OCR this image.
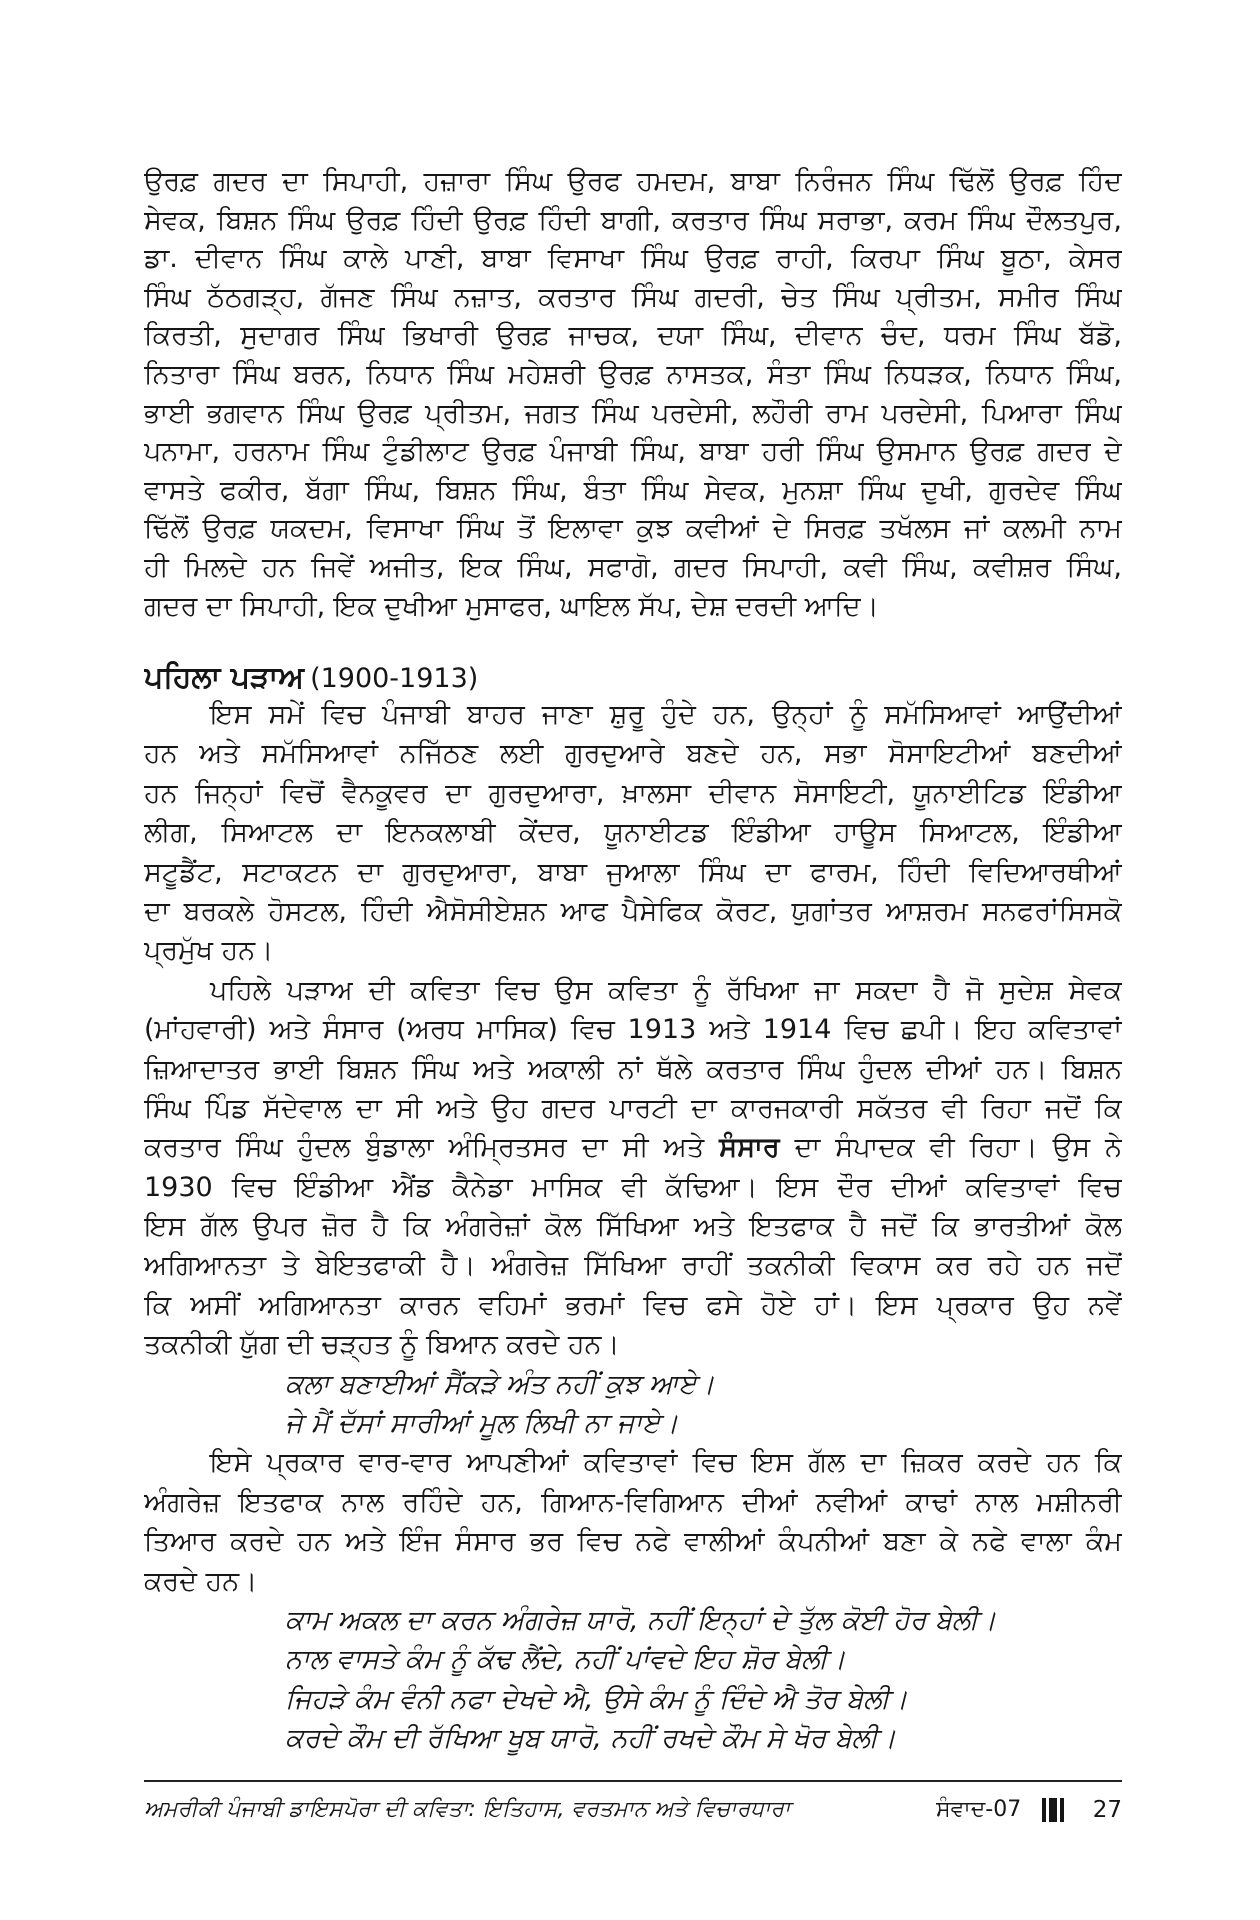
ਉਰਫ਼ ਗਦਰ ਦਾ ਸਿਪਾਹੀ, ਹਜ਼ਾਰਾ ਸਿੰਘ ਉਰਫ ਹਮਦਮ, ਬਾਬਾ ਨਿਰੰਜਨ ਸਿੰਘ ਢਿੱਲੋਂ ਉਰਫ਼ ਹਿੰਦ
ਸੇਵਕ, ਬਿਸ਼ਨ ਸਿੰਘ ਉਰਫ਼ ਹਿੰਦੀ ਉਰਫ਼ ਹਿੰਦੀ ਬਾਗੀ, ਕਰਤਾਰ ਸਿੰਘ ਸਰਾਭਾ, ਕਰਮ ਸਿੰਘ ਦੌਲਤਪੁਰ,
ਡਾ. ਦੀਵਾਨ ਸਿੰਘ ਕਾਲੇ ਪਾਣੀ, ਬਾਬਾ ਵਿਸਾਖਾ ਸਿੰਘ ਉਰਫ਼ ਰਾਹੀ, ਕਿਰਪਾ ਸਿੰਘ ਬੂਠਾ, ਕੇਸਰ
ਸਿੰਘ ਠੱਠਗੜ੍ਹ, ਗੱਜਣ ਸਿੰਘ ਨਜ਼ਾਤ, ਕਰਤਾਰ ਸਿੰਘ ਗਦਰੀ, ਚੇਤ ਸਿੰਘ ਪ੍ਰੀਤਮ, ਸਮੀਰ ਸਿੰਘ
ਕਿਰਤੀ, ਸੁਦਾਗਰ ਸਿੰਘ ਭਿਖਾਰੀ ਉਰਫ਼ ਜਾਚਕ, ਦਯਾ ਸਿੰਘ, ਦੀਵਾਨ ਚੰਦ, ਧਰਮ ਸਿੰਘ ਬੱਡੋ,
ਨਿਤਾਰਾ ਸਿੰਘ ਬਰਨ, ਨਿਧਾਨ ਸਿੰਘ ਮਹੇਸ਼ਰੀ ਉਰਫ਼ ਨਾਸਤਕ, ਸੰਤਾ ਸਿੰਘ ਨਿਧੜਕ, ਨਿਧਾਨ ਸਿੰਘ,
ਭਾਈ ਭਗਵਾਨ ਸਿੰਘ ਉਰਫ਼ ਪ੍ਰੀਤਮ, ਜਗਤ ਸਿੰਘ ਪਰਦੇਸੀ, ਲਹੌਰੀ ਰਾਮ ਪਰਦੇਸੀ, ਪਿਆਰਾ ਸਿੰਘ
ਪਨਾਮਾ, ਹਰਨਾਮ ਸਿੰਘ ਟੁੰਡੀਲਾਟ ਉਰਫ਼ ਪੰਜਾਬੀ ਸਿੰਘ, ਬਾਬਾ ਹਰੀ ਸਿੰਘ ਉਸਮਾਨ ਉਰਫ਼ ਗਦਰ ਦੇ
ਵਾਸਤੇ ਫਕੀਰ, ਬੱਗਾ ਸਿੰਘ, ਬਿਸ਼ਨ ਸਿੰਘ, ਬੰਤਾ ਸਿੰਘ ਸੇਵਕ, ਮੁਨਸ਼ਾ ਸਿੰਘ ਦੁਖੀ, ਗੁਰਦੇਵ ਸਿੰਘ
ਢਿੱਲੋਂ ਉਰਫ਼ ਯਕਦਮ, ਵਿਸਾਖਾ ਸਿੰਘ ਤੋਂ ਇਲਾਵਾ ਕੁਝ ਕਵੀਆਂ ਦੇ ਸਿਰਫ਼ ਤਖੱਲਸ ਜਾਂ ਕਲਮੀ ਨਾਮ
ਹੀ ਮਿਲਦੇ ਹਨ ਜਿਵੇਂ ਅਜੀਤ, ਇਕ ਸਿੰਘ, ਸਫਾਗੋ, ਗਦਰ ਸਿਪਾਹੀ, ਕਵੀ ਸਿੰਘ, ਕਵੀਸ਼ਰ ਸਿੰਘ,
ਗਦਰ ਦਾ ਸਿਪਾਹੀ, ਇਕ ਦੁਖੀਆ ਮੁਸਾਫਰ, ਘਾਇਲ ਸੱਪ, ਦੇਸ਼ ਦਰਦੀ ਆਦਿ।
ਪਹਿਲਾ ਪੜਾਅ (1900-1913)
ਇਸ ਸਮੇਂ ਵਿਚ ਪੰਜਾਬੀ ਬਾਹਰ ਜਾਣਾ ਸ਼ੁਰੂ ਹੁੰਦੇ ਹਨ, ਉਨ੍ਹਾਂ ਨੂੰ ਸਮੱਸਿਆਵਾਂ ਆਉਂਦੀਆਂ
ਹਨ ਅਤੇ ਸਮੱਸਿਆਵਾਂ ਨਜਿੱਠਣ ਲਈ ਗੁਰਦੁਆਰੇ ਬਣਦੇ ਹਨ, ਸਭਾ ਸੋਸਾਇਟੀਆਂ ਬਣਦੀਆਂ
ਹਨ ਜਿਨ੍ਹਾਂ ਵਿਚੋਂ ਵੈਨਕੂਵਰ ਦਾ ਗੁਰਦੁਆਰਾ, ਖ਼ਾਲਸਾ ਦੀਵਾਨ ਸੋਸਾਇਟੀ, ਯੂਨਾਈਟਿਡ ਇੰਡੀਆ
ਲੀਗ, ਸਿਆਟਲ ਦਾ ਇਨਕਲਾਬੀ ਕੇਂਦਰ, ਯੂਨਾਈਟਡ ਇੰਡੀਆ ਹਾਊਸ ਸਿਆਟਲ, ਇੰਡੀਆ
ਸਟੂਡੈਂਟ, ਸਟਾਕਟਨ ਦਾ ਗੁਰਦੁਆਰਾ, ਬਾਬਾ ਜੁਆਲਾ ਸਿੰਘ ਦਾ ਫਾਰਮ, ਹਿੰਦੀ ਵਿਦਿਆਰਥੀਆਂ
ਦਾ ਬਰਕਲੇ ਹੋਸਟਲ, ਹਿੰਦੀ ਐਸੋਸੀਏਸ਼ਨ ਆਫ ਪੈਸੇਫਿਕ ਕੋਰਟ, ਯੁਗਾਂਤਰ ਆਸ਼ਰਮ ਸਨਫਰਾਂਸਿਸਕੋ
ਪ੍ਰਮੁੱਖ ਹਨ।
ਪਹਿਲੇ ਪੜਾਅ ਦੀ ਕਵਿਤਾ ਵਿਚ ਉਸ ਕਵਿਤਾ ਨੂੰ ਰੱਖਿਆ ਜਾ ਸਕਦਾ ਹੈ ਜੋ ਸੁਦੇਸ਼ ਸੇਵਕ
(ਮਾਂਹਵਾਰੀ) ਅਤੇ ਸੰਸਾਰ (ਅਰਧ ਮਾਸਿਕ) ਵਿਚ 1913 ਅਤੇ 1914 ਵਿਚ ਛਪੀ। ਇਹ ਕਵਿਤਾਵਾਂ
ਜ਼ਿਆਦਾਤਰ ਭਾਈ ਬਿਸ਼ਨ ਸਿੰਘ ਅਤੇ ਅਕਾਲੀ ਨਾਂ ਥੱਲੇ ਕਰਤਾਰ ਸਿੰਘ ਹੁੰਦਲ ਦੀਆਂ ਹਨ। ਬਿਸ਼ਨ
ਸਿੰਘ ਪਿੰਡ ਸੱਦੇਵਾਲ ਦਾ ਸੀ ਅਤੇ ਉਹ ਗਦਰ ਪਾਰਟੀ ਦਾ ਕਾਰਜਕਾਰੀ ਸਕੱਤਰ ਵੀ ਰਿਹਾ ਜਦੋਂ ਕਿ
ਕਰਤਾਰ ਸਿੰਘ ਹੁੰਦਲ ਬੁੰਡਾਲਾ ਅੰਮ੍ਰਿਤਸਰ ਦਾ ਸੀ ਅਤੇ ਸੰਸਾਰ ਦਾ ਸੰਪਾਦਕ ਵੀ ਰਿਹਾ। ਉਸ ਨੇ
1930 ਵਿਚ ਇੰਡੀਆ ਐਂਡ ਕੈਨੇਡਾ ਮਾਸਿਕ ਵੀ ਕੱਢਿਆ। ਇਸ ਦੌਰ ਦੀਆਂ ਕਵਿਤਾਵਾਂ ਵਿਚ
ਇਸ ਗੱਲ ਉਪਰ ਜ਼ੋਰ ਹੈ ਕਿ ਅੰਗਰੇਜ਼ਾਂ ਕੋਲ ਸਿੱਖਿਆ ਅਤੇ ਇਤਫਾਕ ਹੈ ਜਦੋਂ ਕਿ ਭਾਰਤੀਆਂ ਕੋਲ
ਅਗਿਆਨਤਾ ਤੇ ਬੇਇਤਫਾਕੀ ਹੈ। ਅੰਗਰੇਜ਼ ਸਿੱਖਿਆ ਰਾਹੀਂ ਤਕਨੀਕੀ ਵਿਕਾਸ ਕਰ ਰਹੇ ਹਨ ਜਦੋਂ
ਕਿ ਅਸੀਂ ਅਗਿਆਨਤਾ ਕਾਰਨ ਵਹਿਮਾਂ ਭਰਮਾਂ ਵਿਚ ਫਸੇ ਹੋਏ ਹਾਂ। ਇਸ ਪ੍ਰਕਾਰ ਉਹ ਨਵੇਂ
ਤਕਨੀਕੀ ਯੁੱਗ ਦੀ ਚੜ੍ਹਤ ਨੂੰ ਬਿਆਨ ਕਰਦੇ ਹਨ।
ਕਲਾ ਬਣਾਈਆਂ ਸੈਂਕੜੇ ਅੰਤ ਨਹੀਂ ਕੁਝ ਆਏ।
ਜੇ ਮੈਂ ਦੱਸਾਂ ਸਾਰੀਆਂ ਮੂਲ ਲਿਖੀ ਨਾ ਜਾਏ।
ਇਸੇ ਪ੍ਰਕਾਰ ਵਾਰ-ਵਾਰ ਆਪਣੀਆਂ ਕਵਿਤਾਵਾਂ ਵਿਚ ਇਸ ਗੱਲ ਦਾ ਜ਼ਿਕਰ ਕਰਦੇ ਹਨ ਕਿ
ਅੰਗਰੇਜ਼ ਇਤਫਾਕ ਨਾਲ ਰਹਿੰਦੇ ਹਨ, ਗਿਆਨ-ਵਿਗਿਆਨ ਦੀਆਂ ਨਵੀਆਂ ਕਾਢਾਂ ਨਾਲ ਮਸ਼ੀਨਰੀ
ਤਿਆਰ ਕਰਦੇ ਹਨ ਅਤੇ ਇੰਜ ਸੰਸਾਰ ਭਰ ਵਿਚ ਨਫੇ ਵਾਲੀਆਂ ਕੰਪਨੀਆਂ ਬਣਾ ਕੇ ਨਫੇ ਵਾਲਾ ਕੰਮ
ਕਰਦੇ ਹਨ।
ਕਾਮ ਅਕਲ ਦਾ ਕਰਨ ਅੰਗਰੇਜ਼ ਯਾਰੋ, ਨਹੀਂ ਇਨ੍ਹਾਂ ਦੇ ਤੁੱਲ ਕੋਈ ਹੋਰ ਬੇਲੀ।
ਨਾਲ ਵਾਸਤੇ ਕੰਮ ਨੂੰ ਕੱਢ ਲੈਂਦੇ, ਨਹੀਂ ਪਾਂਵਦੇ ਇਹ ਸ਼ੋਰ ਬੇਲੀ।
ਜਿਹੜੇ ਕੰਮ ਵੰਨੀ ਨਫਾ ਦੇਖਦੇ ਐ, ਉਸੇ ਕੰਮ ਨੂੰ ਦਿੰਦੇ ਐ ਤੋਰ ਬੇਲੀ।
ਕਰਦੇ ਕੌਮ ਦੀ ਰੱਖਿਆ ਖੂਬ ਯਾਰੋ, ਨਹੀਂ ਰਖਦੇ ਕੌਮ ਸੇ ਖੋਰ ਬੇਲੀ।
ਅਮਰੀਕੀ ਪੰਜਾਬੀ ਡਾਇਸਪੋਰਾ ਦੀ ਕਵਿਤਾ: ਇਤਿਹਾਸ, ਵਰਤਮਾਨ ਅਤੇ ਵਿਚਾਰਧਾਰਾ	ਸੰਵਾਦ-07	27
